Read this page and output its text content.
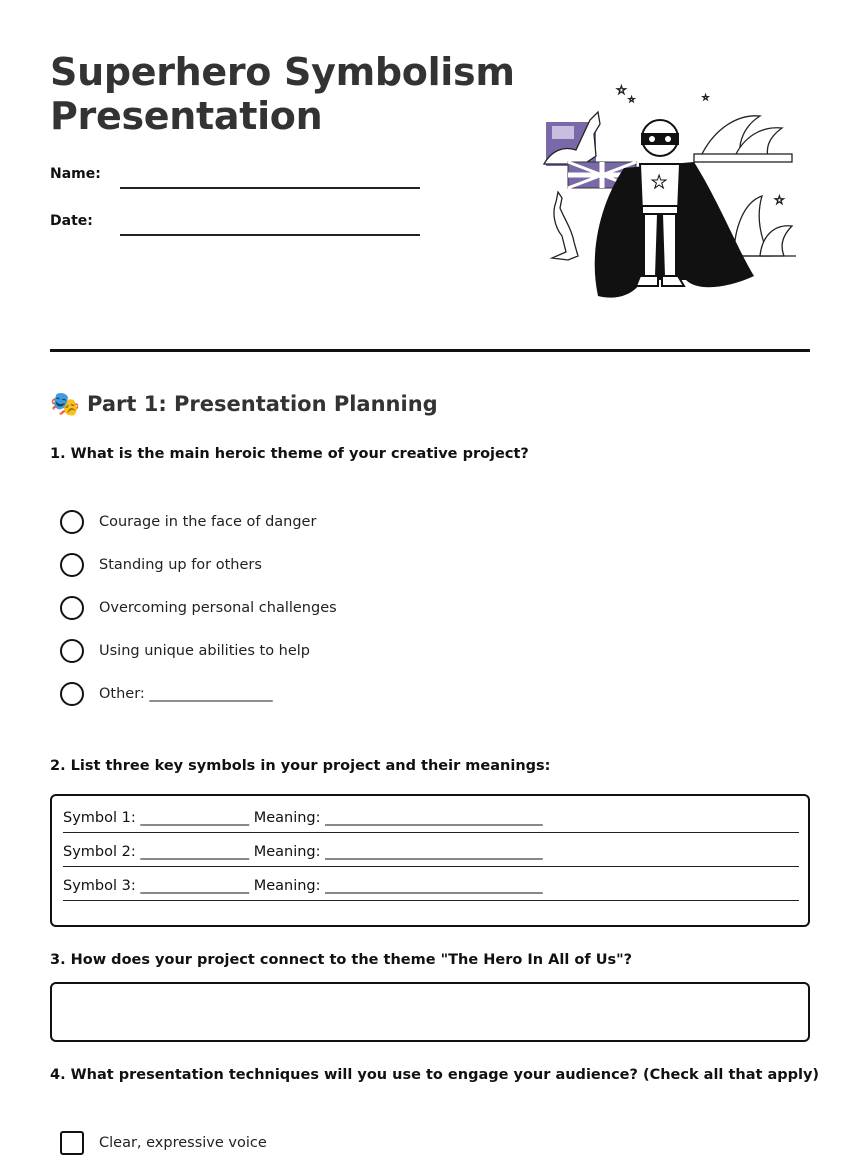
Superhero Symbolism
Presentation
Name:
Date:
☆
☆	☆
☆
★
🎭 Part 1: Presentation Planning
1. What is the main heroic theme of your creative project?
Courage in the face of danger
Standing up for others
Overcoming personal challenges
Using unique abilities to help
Other: _________________
2. List three key symbols in your project and their meanings:
Symbol 1: _______________ Meaning: ______________________________
Symbol 2: _______________ Meaning: ______________________________
Symbol 3: _______________ Meaning: ______________________________
3. How does your project connect to the theme "The Hero In All of Us"?
4. What presentation techniques will you use to engage your audience? (Check all that apply)
Clear, expressive voice
